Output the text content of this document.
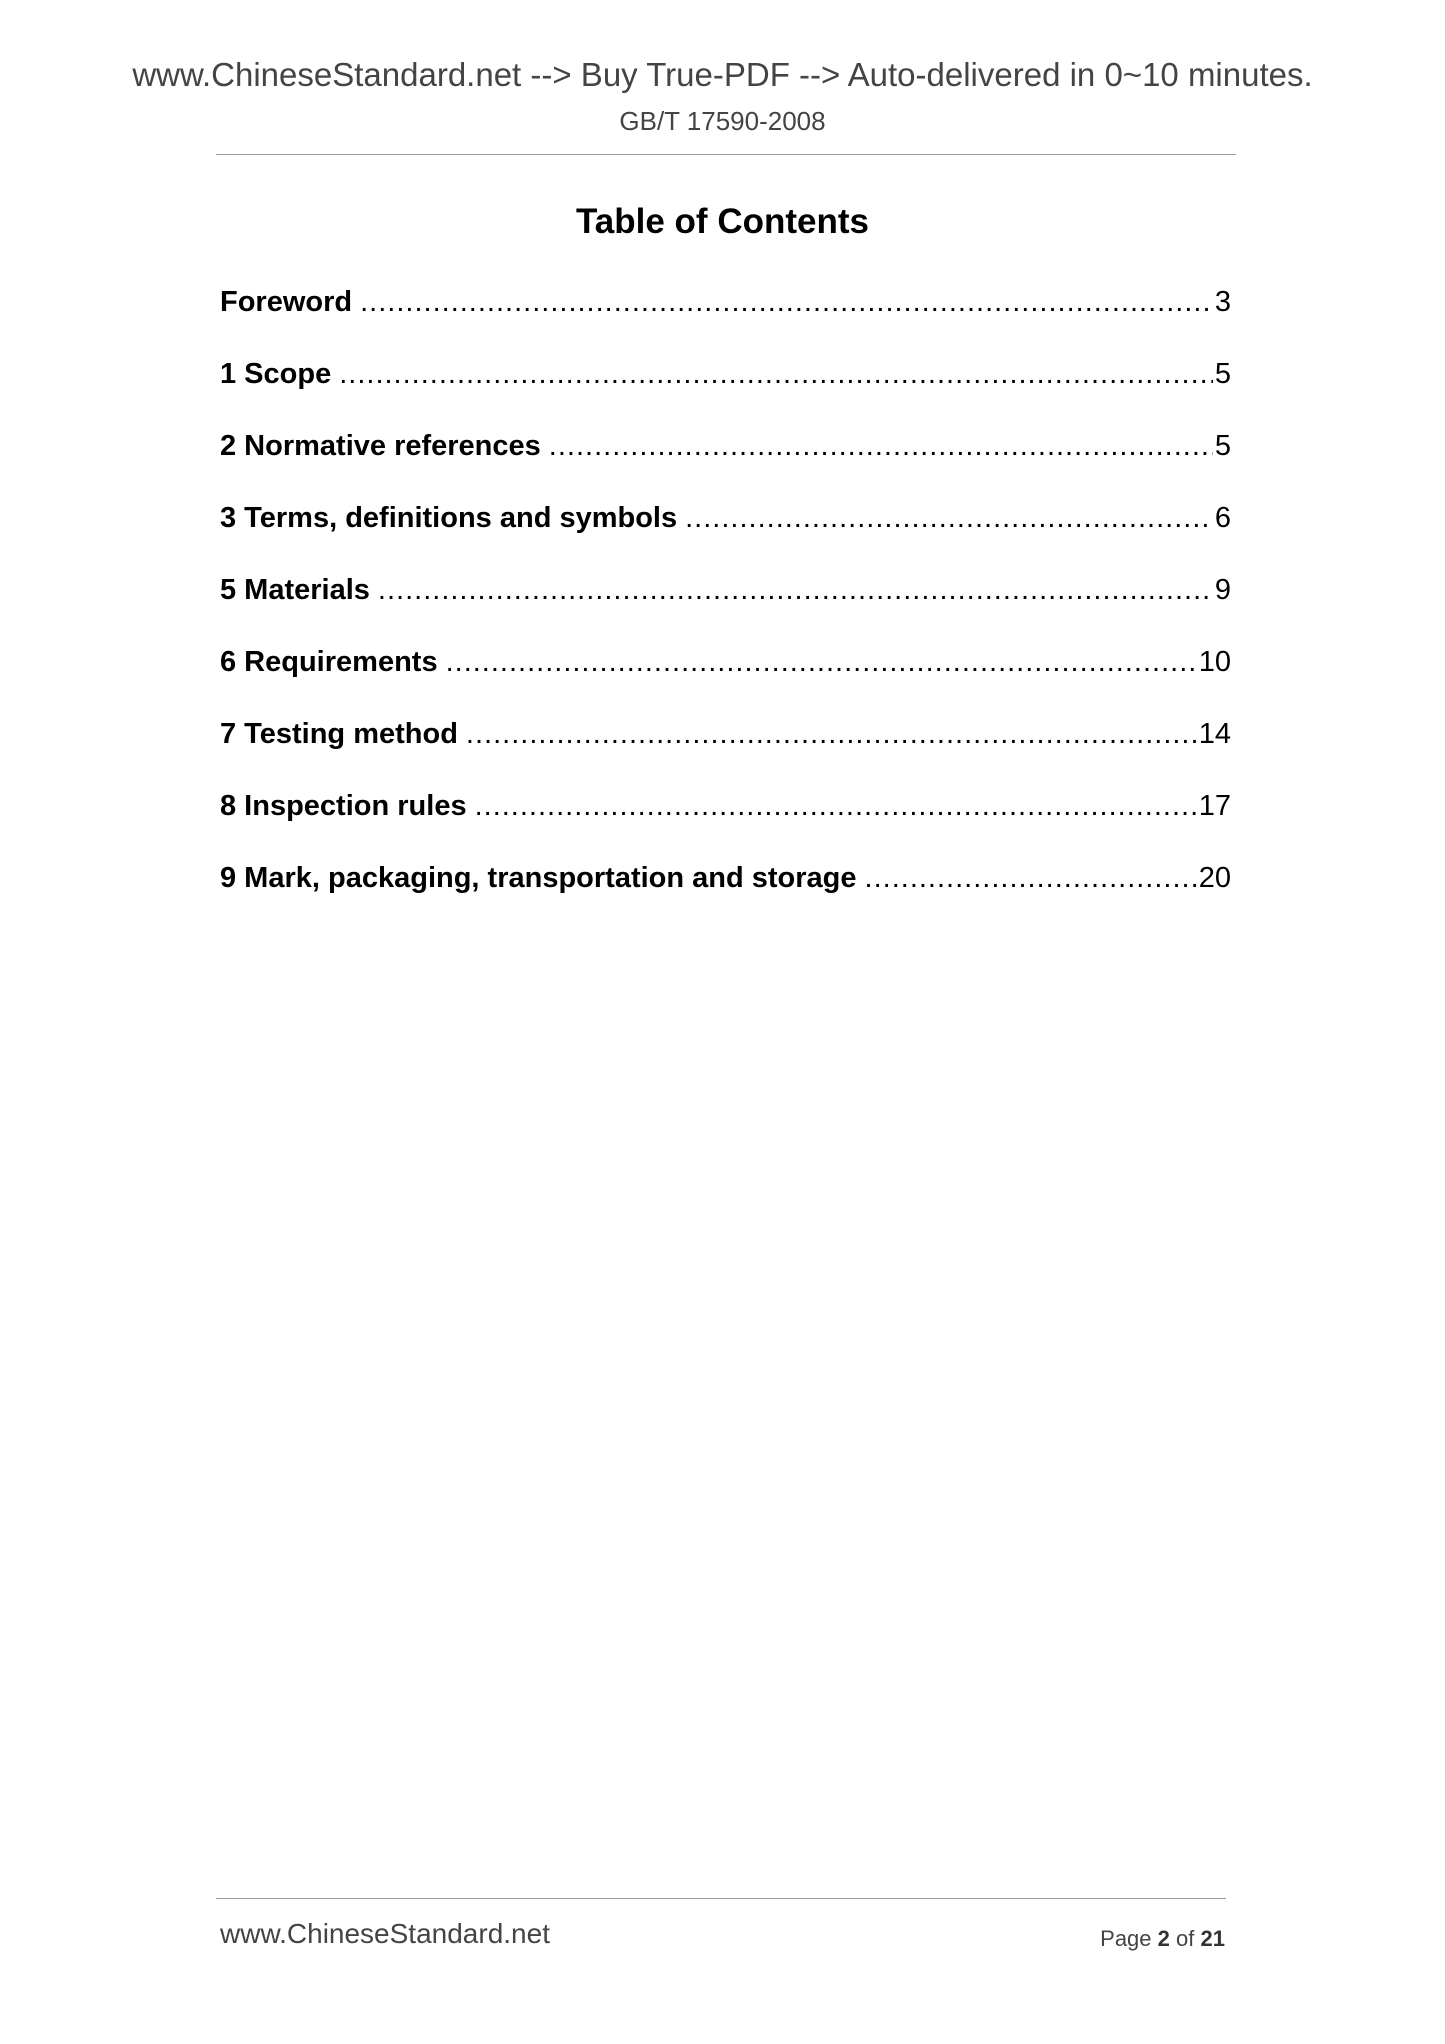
www.ChineseStandard.net --> Buy True-PDF --> Auto-delivered in 0~10 minutes.
GB/T 17590-2008
Table of Contents
Foreword .....	3
1 Scope .....	5
2 Normative references .....	5
3 Terms, definitions and symbols .....	6
5 Materials .....	9
6 Requirements .....	10
7 Testing method .....	14
8 Inspection rules .....	17
9 Mark, packaging, transportation and storage .....	20
www.ChineseStandard.net	Page 2 of 21
